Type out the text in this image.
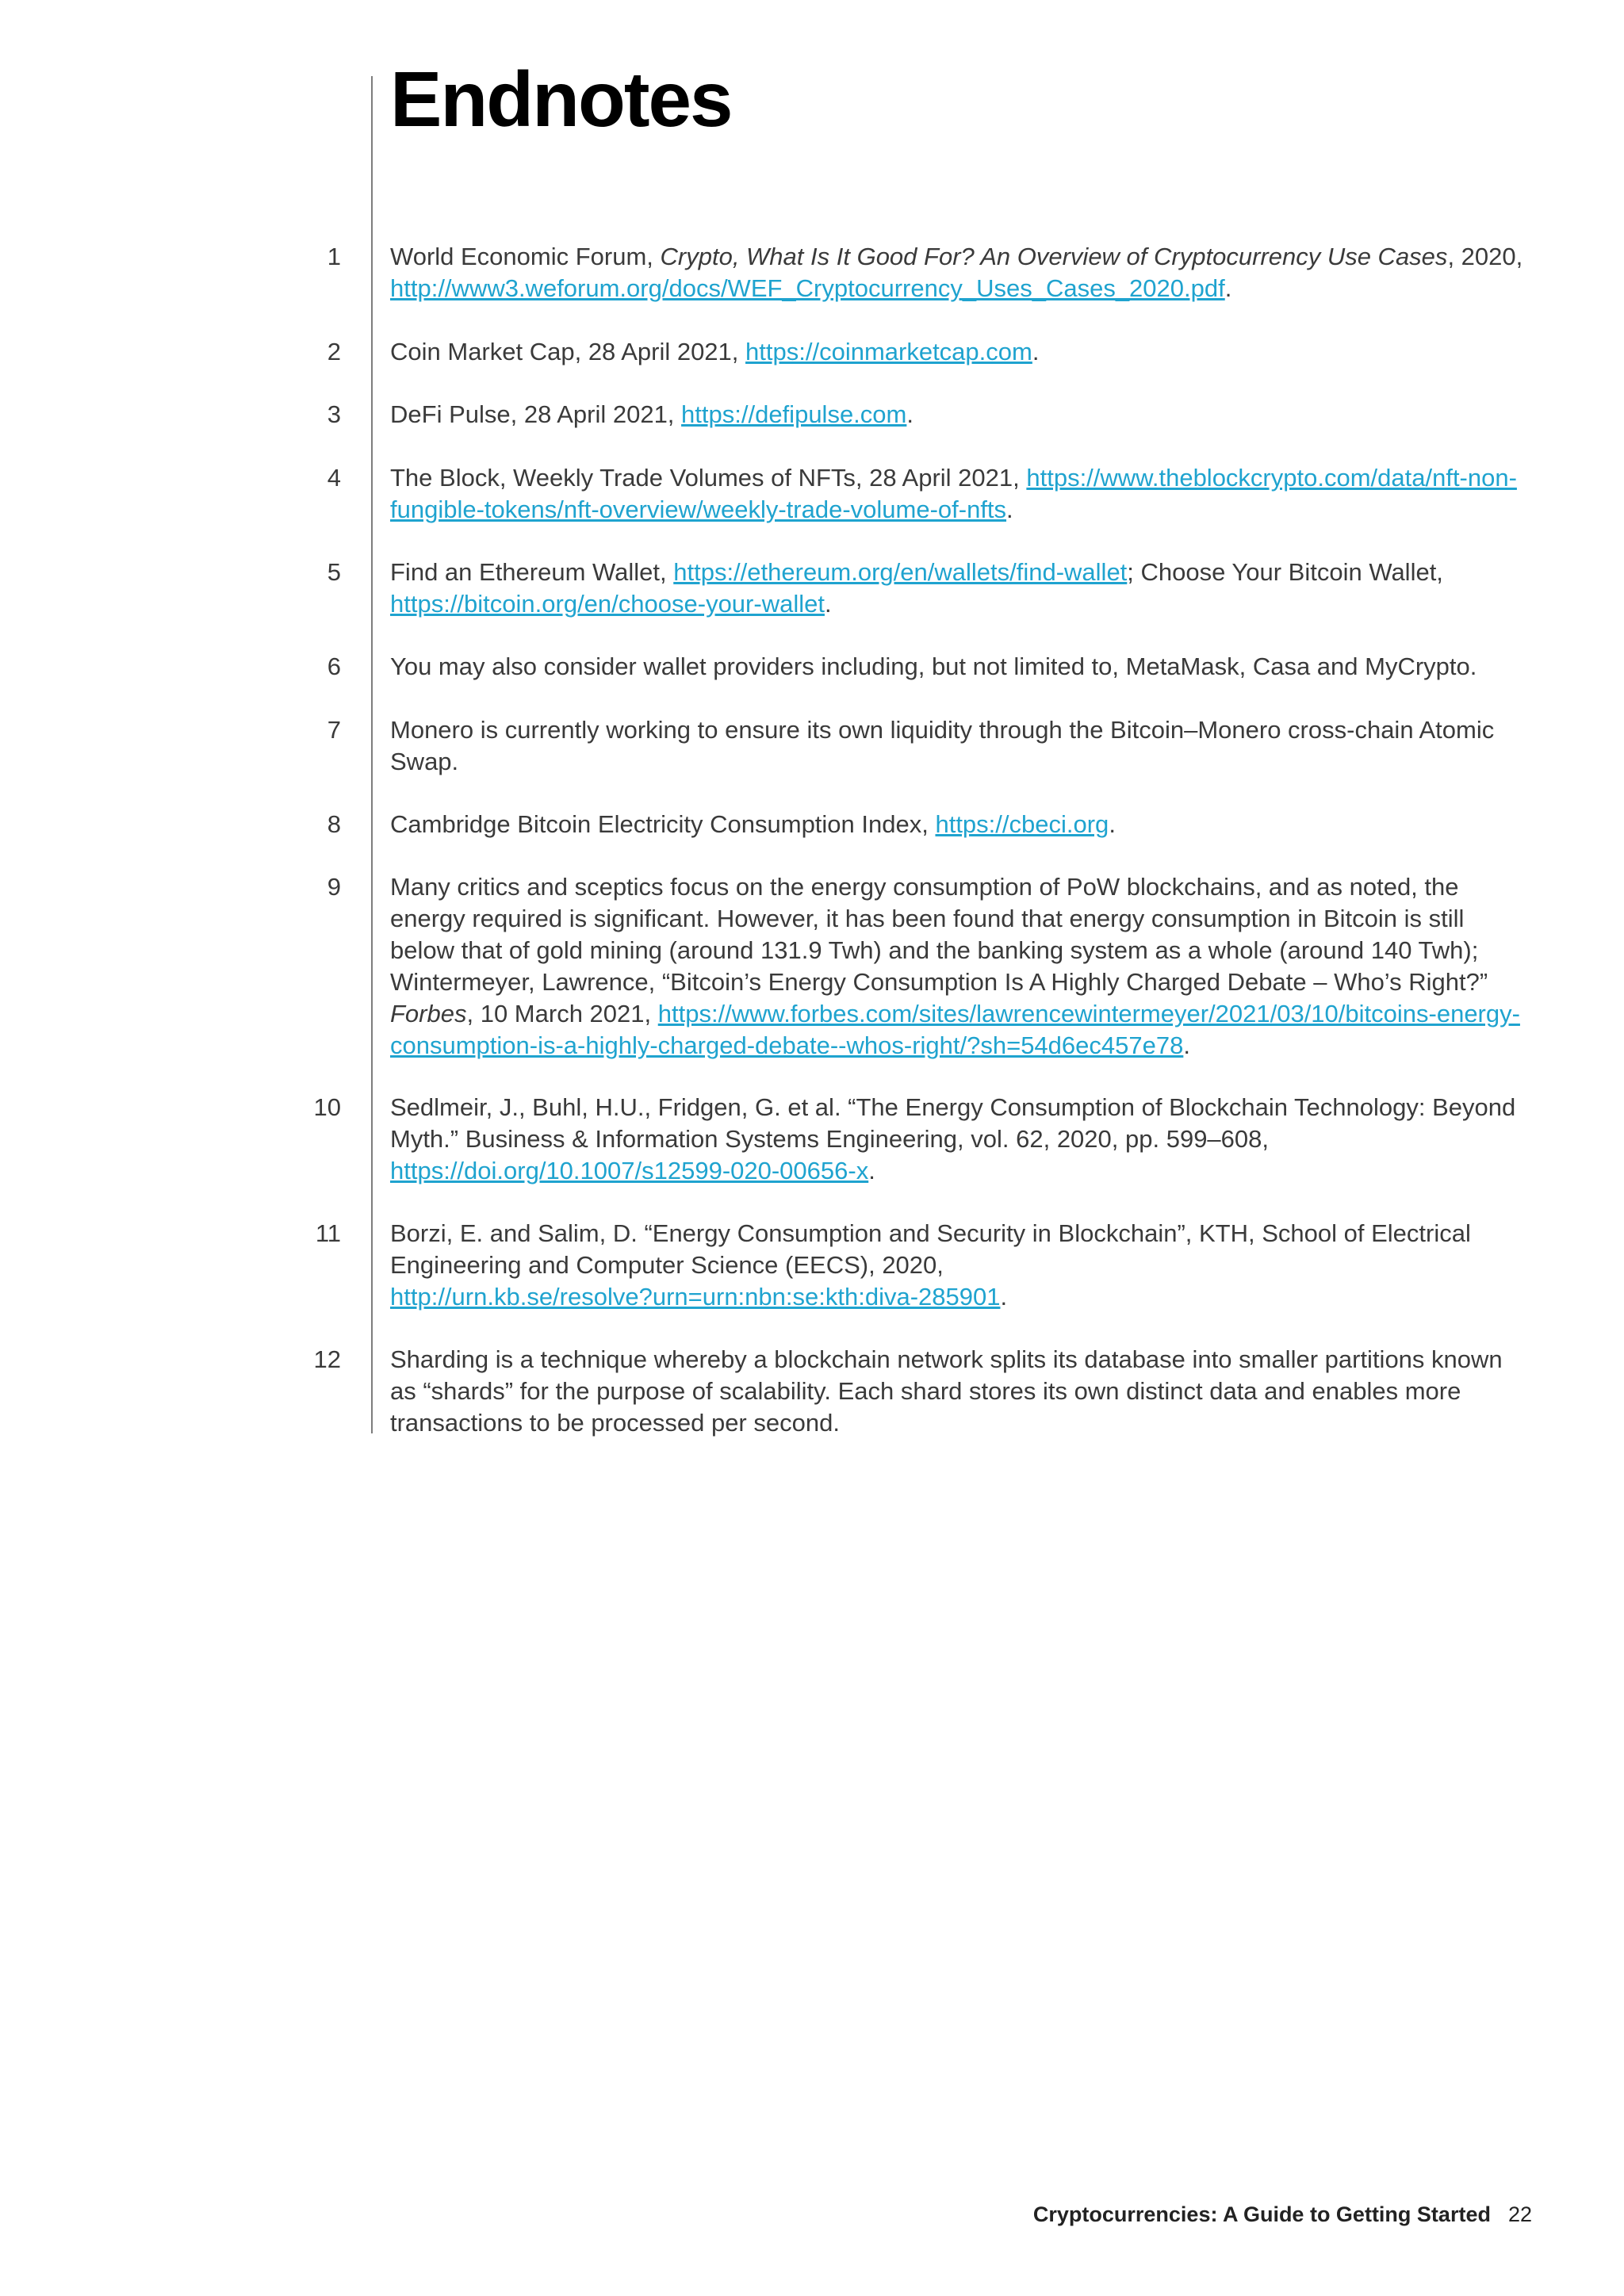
Endnotes
1 World Economic Forum, Crypto, What Is It Good For? An Overview of Cryptocurrency Use Cases, 2020,
http://www3.weforum.org/docs/WEF_Cryptocurrency_Uses_Cases_2020.pdf.
2 Coin Market Cap, 28 April 2021, https://coinmarketcap.com.
3 DeFi Pulse, 28 April 2021, https://defipulse.com.
4 The Block, Weekly Trade Volumes of NFTs, 28 April 2021, https://www.theblockcrypto.com/data/nft-non-fungible-tokens/nft-overview/weekly-trade-volume-of-nfts.
5 Find an Ethereum Wallet, https://ethereum.org/en/wallets/find-wallet; Choose Your Bitcoin Wallet, https://bitcoin.org/en/choose-your-wallet.
6 You may also consider wallet providers including, but not limited to, MetaMask, Casa and MyCrypto.
7 Monero is currently working to ensure its own liquidity through the Bitcoin–Monero cross-chain Atomic Swap.
8 Cambridge Bitcoin Electricity Consumption Index, https://cbeci.org.
9 Many critics and sceptics focus on the energy consumption of PoW blockchains, and as noted, the energy required is significant. However, it has been found that energy consumption in Bitcoin is still below that of gold mining (around 131.9 Twh) and the banking system as a whole (around 140 Twh); Wintermeyer, Lawrence, “Bitcoin’s Energy Consumption Is A Highly Charged Debate – Who’s Right?” Forbes, 10 March 2021, https://www.forbes.com/sites/lawrencewintermeyer/2021/03/10/bitcoins-energy-consumption-is-a-highly-charged-debate--whos-right/?sh=54d6ec457e78.
10 Sedlmeir, J., Buhl, H.U., Fridgen, G. et al. “The Energy Consumption of Blockchain Technology: Beyond Myth.” Business & Information Systems Engineering, vol. 62, 2020, pp. 599–608,
https://doi.org/10.1007/s12599-020-00656-x.
11 Borzi, E. and Salim, D. “Energy Consumption and Security in Blockchain”, KTH, School of Electrical Engineering and Computer Science (EECS), 2020,
http://urn.kb.se/resolve?urn=urn:nbn:se:kth:diva-285901.
12 Sharding is a technique whereby a blockchain network splits its database into smaller partitions known as “shards” for the purpose of scalability. Each shard stores its own distinct data and enables more transactions to be processed per second.
Cryptocurrencies: A Guide to Getting Started 22
